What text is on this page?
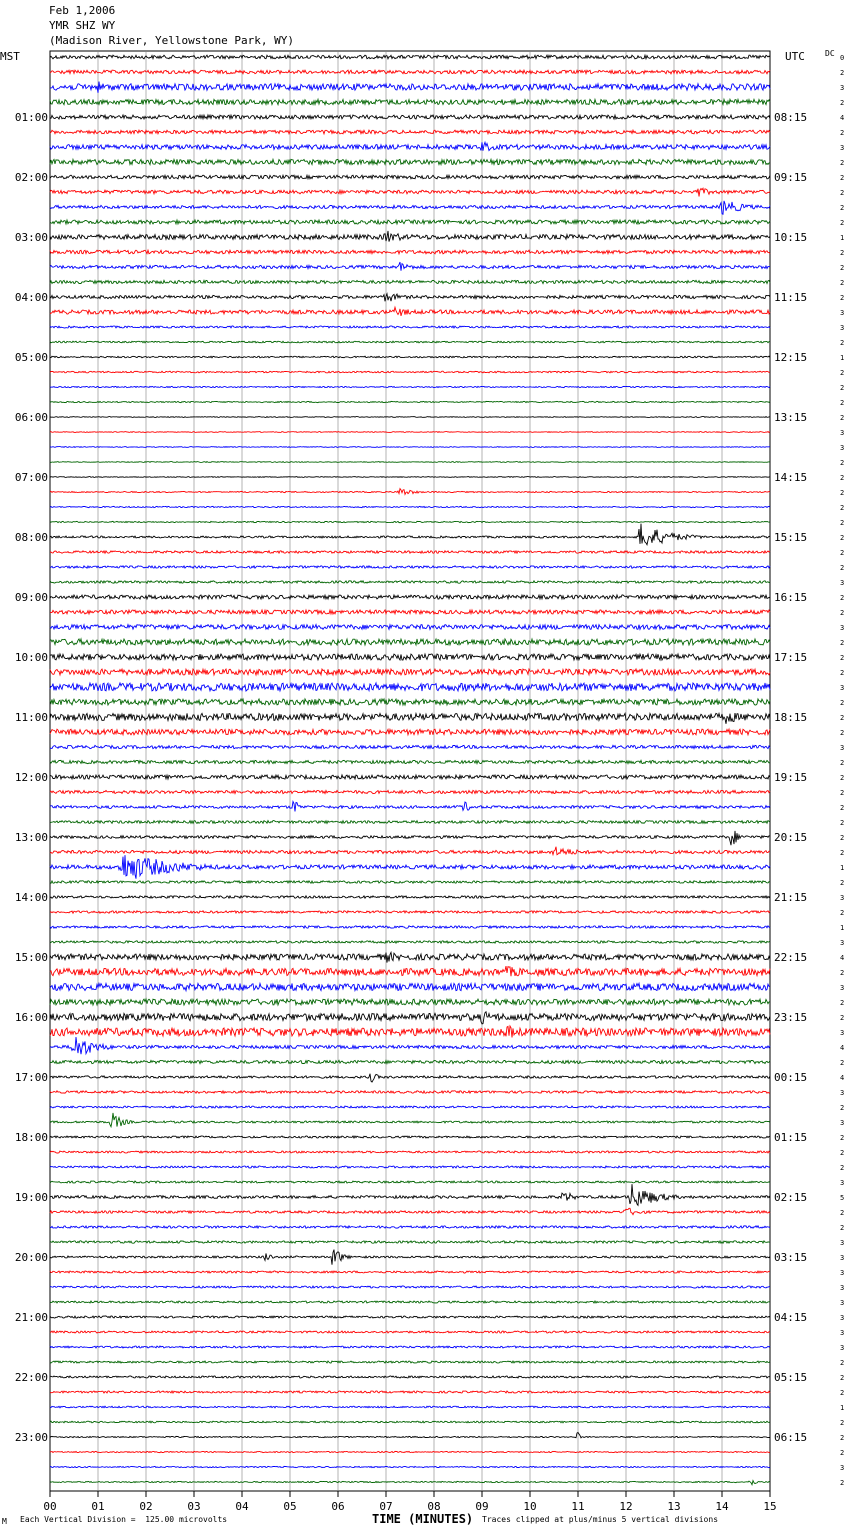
01:00
02:00
03:00
04:00
05:00
06:00
07:00
08:00
09:00
10:00
11:00
12:00
13:00
14:00
15:00
16:00
17:00
18:00
19:00
20:00
21:00
22:00
23:00
08:15
09:15
10:15
11:15
12:15
13:15
14:15
15:15
16:15
17:15
18:15
19:15
20:15
21:15
22:15
23:15
00:15
01:15
02:15
03:15
04:15
05:15
06:15
0
2
3
2
4
2
3
2
2
2
2
2
1
2
2
2
2
3
3
2
1
2
2
2
2
3
3
2
2
2
2
2
2
2
2
3
2
2
3
2
2
2
3
2
2
2
3
2
2
2
2
2
2
2
1
2
3
2
1
3
4
2
3
2
2
3
4
2
4
3
2
3
2
2
2
3
5
2
2
3
3
3
3
3
3
3
3
2
2
2
1
2
2
2
3
2
00	01	02	03	04	05	06	07	08	09	10	11	12	13	14	15
TIME (MINUTES)
Feb 1,2006
YMR SHZ WY
(Madison River, Yellowstone Park, WY)
MST	UTC	DC
M Each Vertical Division =  125.00 microvolts	Traces clipped at plus/minus 5 vertical divisions
